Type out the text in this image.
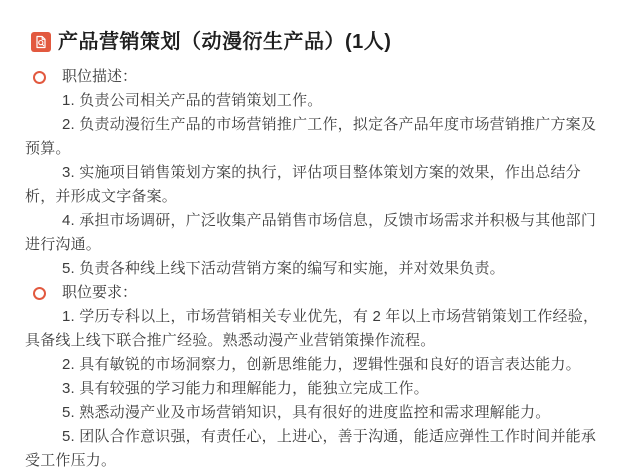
产品营销策划（动漫衍生产品）(1人)
职位描述：

1. 负责公司相关产品的营销策划工作。

2. 负责动漫衍生产品的市场营销推广工作，拟定各产品年度市场营销推广方案及预算。

3. 实施项目销售策划方案的执行，评估项目整体策划方案的效果，作出总结分析，并形成文字备案。

4. 承担市场调研，广泛收集产品销售市场信息，反馈市场需求并积极与其他部门进行沟通。

5. 负责各种线上线下活动营销方案的编写和实施，并对效果负责。

职位要求：

1. 学历专科以上，市场营销相关专业优先，有 2 年以上市场营销策划工作经验，具备线上线下联合推广经验。熟悉动漫产业营销策操作流程。

2. 具有敏锐的市场洞察力，创新思维能力，逻辑性强和良好的语言表达能力。

3. 具有较强的学习能力和理解能力，能独立完成工作。

5. 熟悉动漫产业及市场营销知识，具有很好的进度监控和需求理解能力。

5. 团队合作意识强，有责任心，上进心，善于沟通，能适应弹性工作时间并能承受工作压力。
